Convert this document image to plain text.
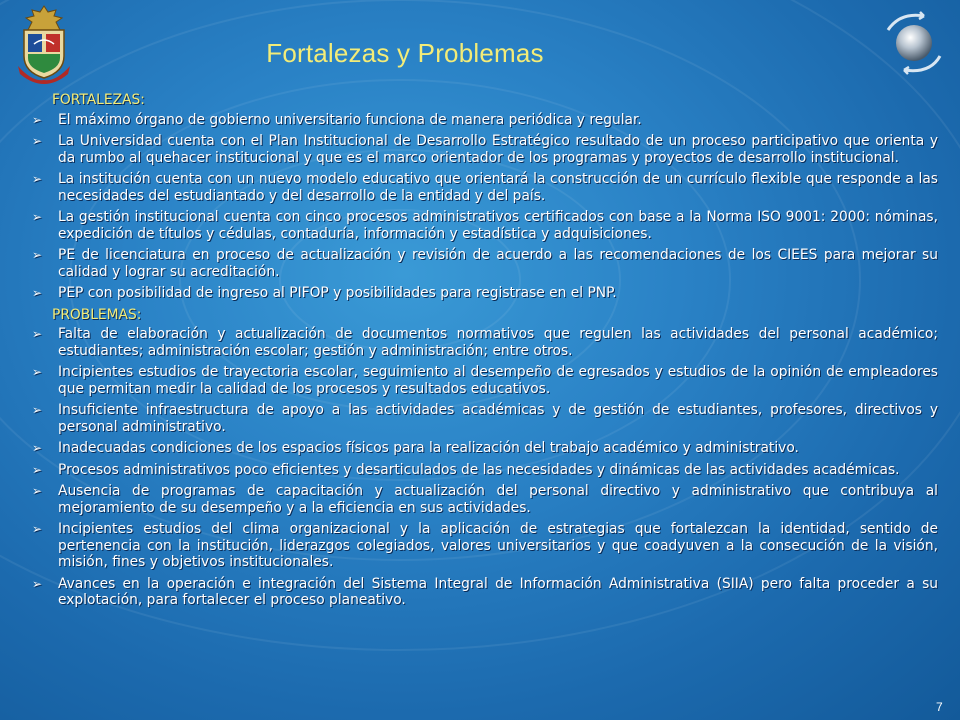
Fortalezas y Problemas
FORTALEZAS:
➢ El máximo órgano de gobierno universitario funciona de manera periódica y regular.
➢ La Universidad cuenta con el Plan Institucional de Desarrollo Estratégico resultado de un proceso participativo que orienta y da rumbo al quehacer institucional y que es el marco orientador de los programas y proyectos de desarrollo institucional.
➢ La institución cuenta con un nuevo modelo educativo que orientará la construcción de un currículo flexible que responde a las necesidades del estudiantado y del desarrollo de la entidad y del país.
➢ La gestión institucional cuenta con cinco procesos administrativos certificados con base a la Norma ISO 9001: 2000: nóminas, expedición de títulos y cédulas, contaduría, información y estadística y adquisiciones.
➢ PE de licenciatura en proceso de actualización y revisión de acuerdo a las recomendaciones de los CIEES para mejorar su calidad y lograr su acreditación.
➢ PEP con posibilidad de ingreso al PIFOP y posibilidades para registrase en el PNP.
PROBLEMAS:
➢ Falta de elaboración y actualización de documentos normativos que regulen las actividades del personal académico; estudiantes; administración escolar; gestión y administración; entre otros.
➢ Incipientes estudios de trayectoria escolar, seguimiento al desempeño de egresados y estudios de la opinión de empleadores que permitan medir la calidad de los procesos y resultados educativos.
➢ Insuficiente infraestructura de apoyo a las actividades académicas y de gestión de estudiantes, profesores, directivos y personal administrativo.
➢ Inadecuadas condiciones de los espacios físicos para la realización del trabajo académico y administrativo.
➢ Procesos administrativos poco eficientes y desarticulados de las necesidades y dinámicas de las actividades académicas.
➢ Ausencia de programas de capacitación y actualización del personal directivo y administrativo que contribuya al mejoramiento de su desempeño y a la eficiencia en sus actividades.
➢ Incipientes estudios del clima organizacional y la aplicación de estrategias que fortalezcan la identidad, sentido de pertenencia con la institución, liderazgos colegiados, valores universitarios y que coadyuven a la consecución de la visión, misión, fines y objetivos institucionales.
➢ Avances en la operación e integración del Sistema Integral de Información Administrativa (SIIA) pero falta proceder a su explotación, para fortalecer el proceso planeativo.
7
